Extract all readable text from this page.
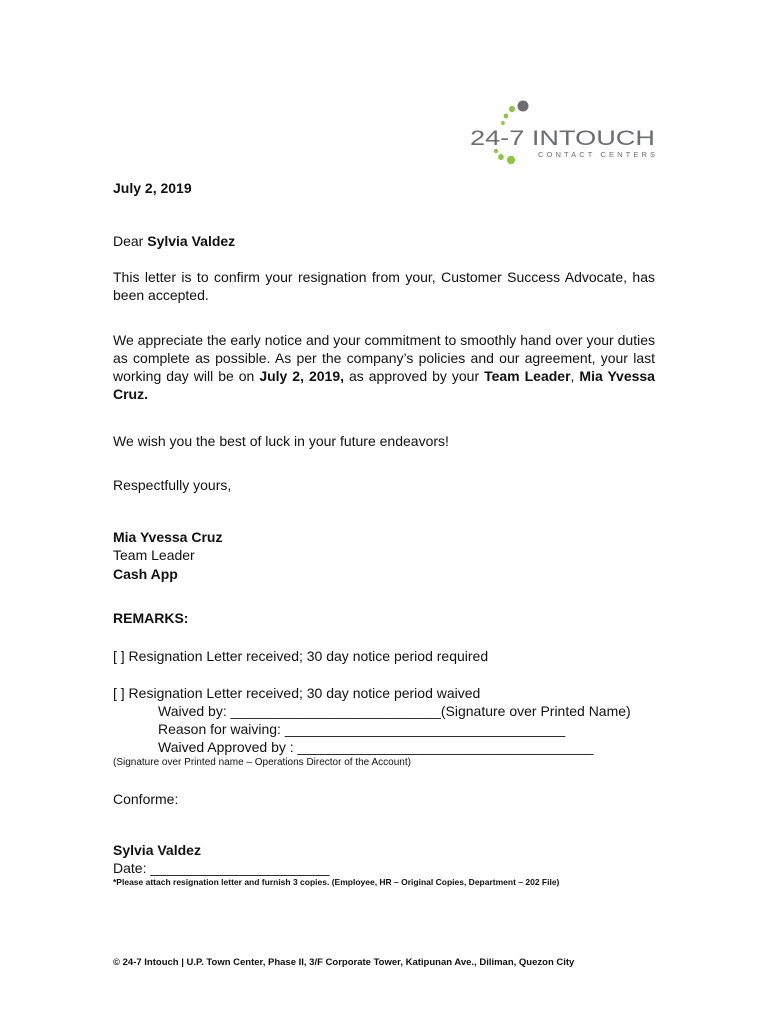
24-7 INTOUCH
CONTACT CENTERS

July 2, 2019

Dear Sylvia Valdez

This letter is to confirm your resignation from your, Customer Success Advocate, has been accepted.

We appreciate the early notice and your commitment to smoothly hand over your duties as complete as possible. As per the company’s policies and our agreement, your last working day will be on July 2, 2019, as approved by your Team Leader, Mia Yvessa Cruz.

We wish you the best of luck in your future endeavors!

Respectfully yours,

Mia Yvessa Cruz

Team Leader

Cash App

REMARKS:

[ ] Resignation Letter received; 30 day notice period required

[ ] Resignation Letter received; 30 day notice period waived

Waived by: ___________________________(Signature over Printed Name)

Reason for waiving: ____________________________________

Waived Approved by : ______________________________________

(Signature over Printed name – Operations Director of the Account)

Conforme:

Sylvia Valdez

Date: _______________________

*Please attach resignation letter and furnish 3 copies. (Employee, HR – Original Copies, Department – 202 File)

© 24-7 Intouch | U.P. Town Center, Phase II, 3/F Corporate Tower, Katipunan Ave., Diliman, Quezon City
